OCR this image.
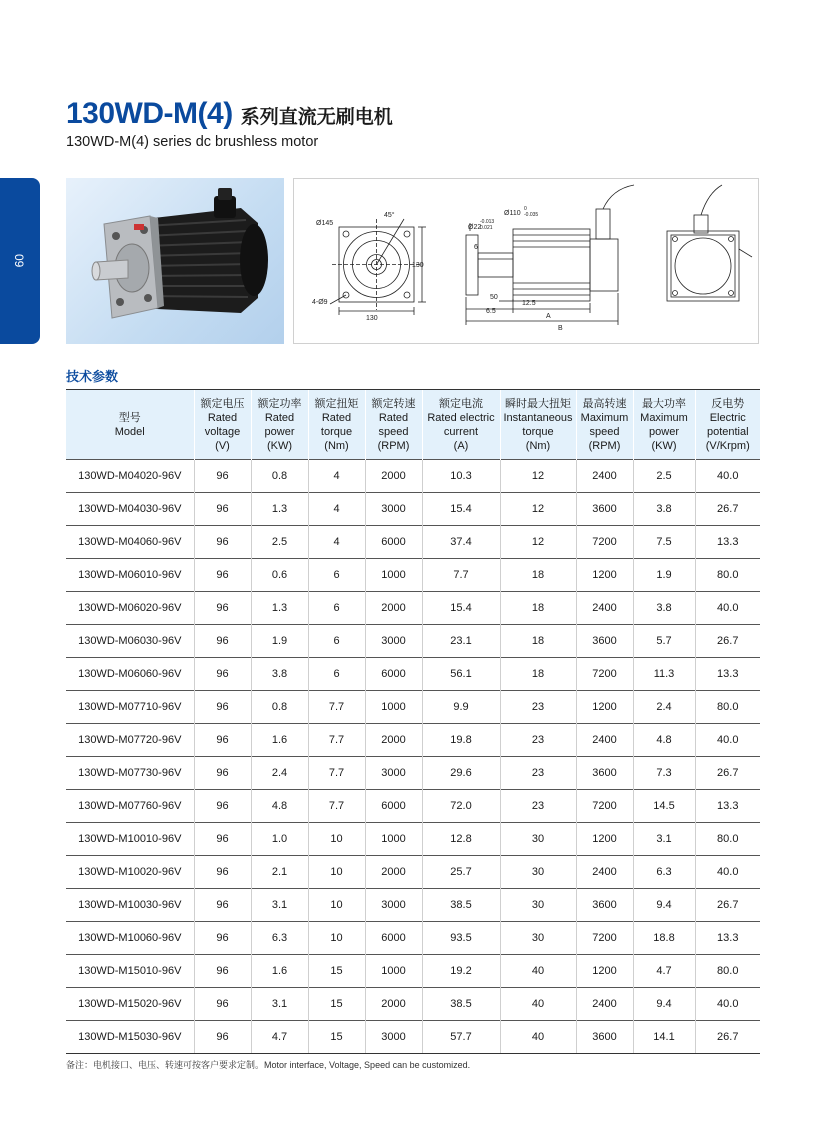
09
130WD-M(4) 系列直流无刷电机
130WD-M(4) series dc brushless motor
Ø145
45°
130
4-Ø9
130
Ø22
-0.013
0.021
Ø110
0
-0.035
6
50
12.5
6.5
A
B
技术参数
型号
Model	额定电压
Rated
voltage
(V)	额定功率
Rated
power
(KW)	额定扭矩
Rated
torque
(Nm)	额定转速
Rated
speed
(RPM)	额定电流
Rated electric
current
(A)	瞬时最大扭矩
Instantaneous
torque
(Nm)	最高转速
Maximum
speed
(RPM)	最大功率
Maximum
power
(KW)	反电势
Electric
potential
(V/Krpm)

130WD-M04020-96V	96	0.8	4	2000	10.3	12	2400	2.5	40.0
130WD-M04030-96V	96	1.3	4	3000	15.4	12	3600	3.8	26.7
130WD-M04060-96V	96	2.5	4	6000	37.4	12	7200	7.5	13.3
130WD-M06010-96V	96	0.6	6	1000	7.7	18	1200	1.9	80.0
130WD-M06020-96V	96	1.3	6	2000	15.4	18	2400	3.8	40.0
130WD-M06030-96V	96	1.9	6	3000	23.1	18	3600	5.7	26.7
130WD-M06060-96V	96	3.8	6	6000	56.1	18	7200	11.3	13.3
130WD-M07710-96V	96	0.8	7.7	1000	9.9	23	1200	2.4	80.0
130WD-M07720-96V	96	1.6	7.7	2000	19.8	23	2400	4.8	40.0
130WD-M07730-96V	96	2.4	7.7	3000	29.6	23	3600	7.3	26.7
130WD-M07760-96V	96	4.8	7.7	6000	72.0	23	7200	14.5	13.3
130WD-M10010-96V	96	1.0	10	1000	12.8	30	1200	3.1	80.0
130WD-M10020-96V	96	2.1	10	2000	25.7	30	2400	6.3	40.0
130WD-M10030-96V	96	3.1	10	3000	38.5	30	3600	9.4	26.7
130WD-M10060-96V	96	6.3	10	6000	93.5	30	7200	18.8	13.3
130WD-M15010-96V	96	1.6	15	1000	19.2	40	1200	4.7	80.0
130WD-M15020-96V	96	3.1	15	2000	38.5	40	2400	9.4	40.0
130WD-M15030-96V	96	4.7	15	3000	57.7	40	3600	14.1	26.7
备注：电机接口、电压、转速可按客户要求定制。Motor interface, Voltage, Speed can be customized.
